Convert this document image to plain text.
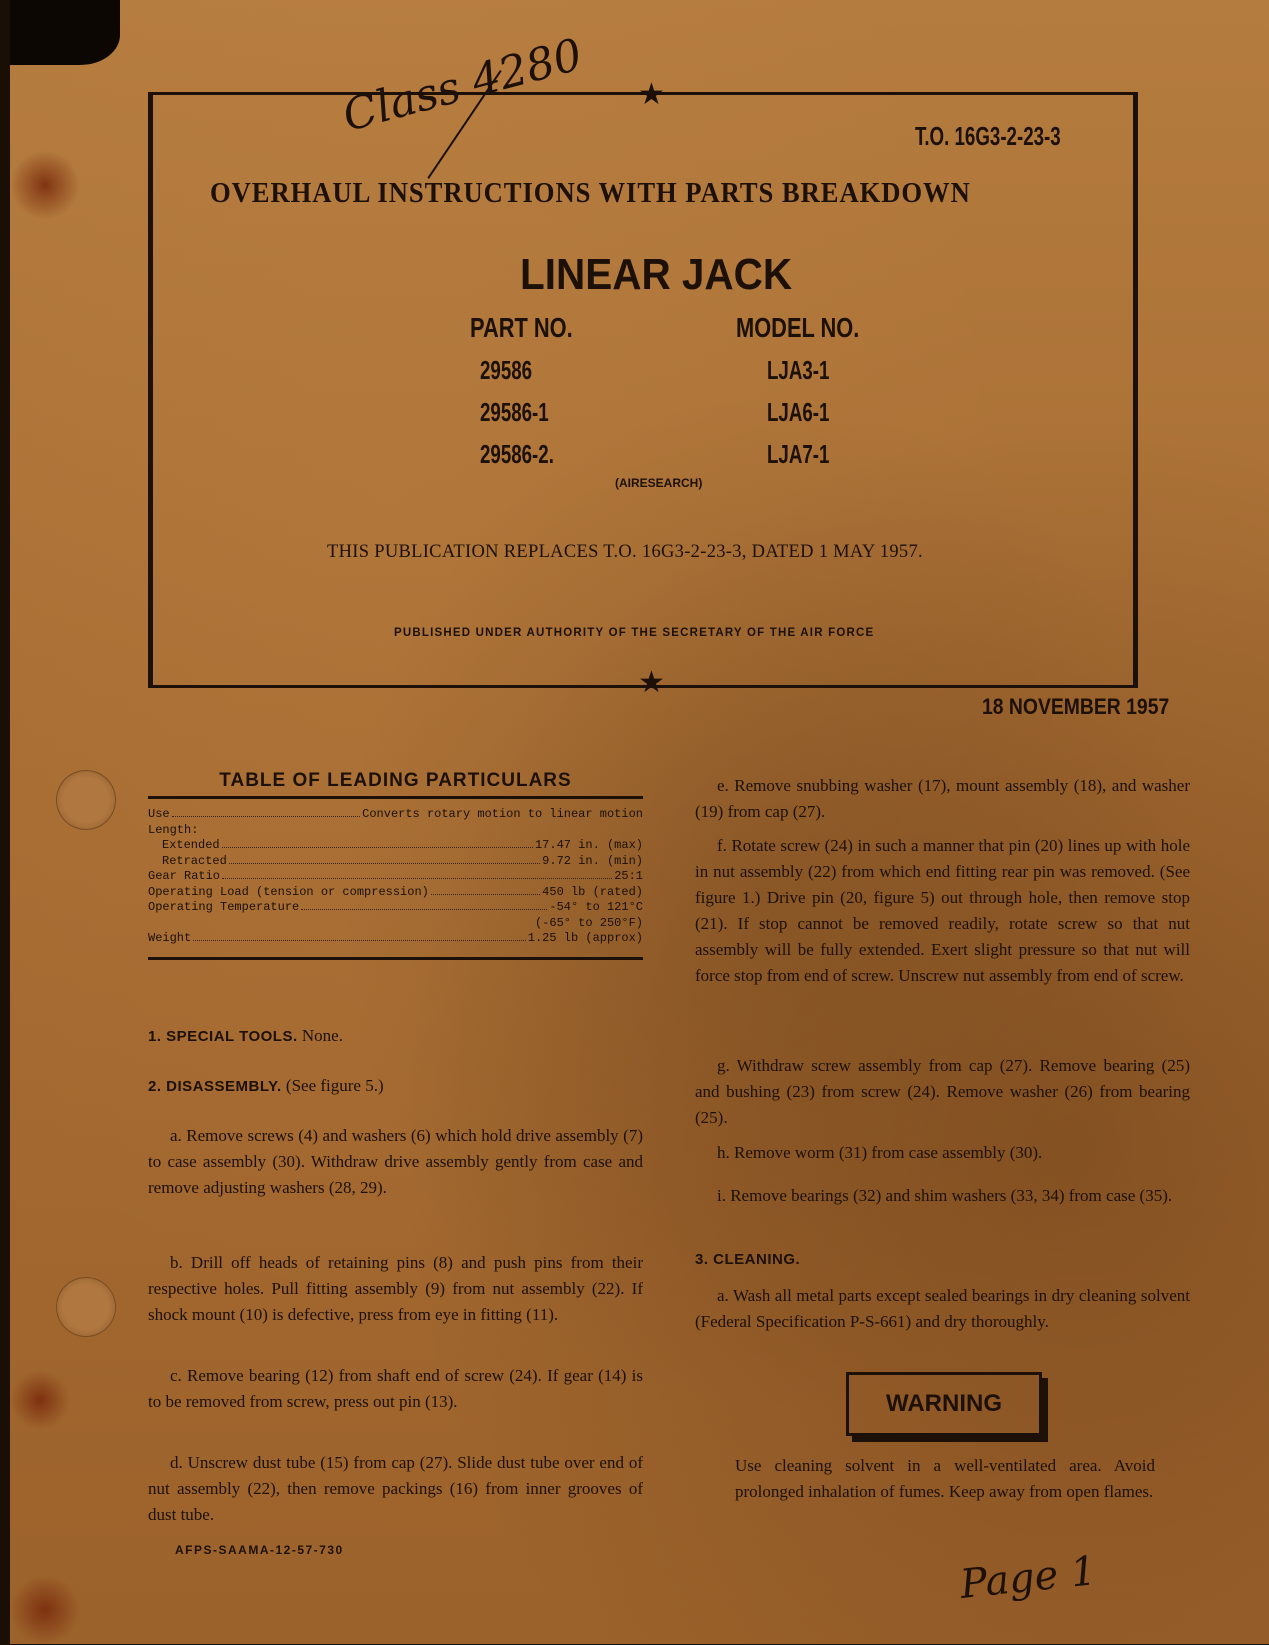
Class 4280 ★
★
T.O. 16G3-2-23-3
OVERHAUL INSTRUCTIONS WITH PARTS BREAKDOWN
LINEAR JACK
PART NO.	MODEL NO.
29586	LJA3-1
29586-1	LJA6-1
29586-2.	LJA7-1
(AIRESEARCH)
THIS PUBLICATION REPLACES T.O. 16G3-2-23-3, DATED 1 MAY 1957.
PUBLISHED UNDER AUTHORITY OF THE SECRETARY OF THE AIR FORCE
18 NOVEMBER 1957
TABLE OF LEADING PARTICULARS
Use	Converts rotary motion to linear motion
Length:
Extended	17.47 in. (max)
Retracted	9.72 in. (min)
Gear Ratio	25:1
Operating Load (tension or compression)	450 lb (rated)
Operating Temperature	-54° to 121°C
(-65° to 250°F)
Weight	1.25 lb (approx)
1. SPECIAL TOOLS. None.
2. DISASSEMBLY. (See figure 5.)
a. Remove screws (4) and washers (6) which hold drive assembly (7) to case assembly (30). Withdraw drive assembly gently from case and remove adjusting washers (28, 29).
b. Drill off heads of retaining pins (8) and push pins from their respective holes. Pull fitting assembly (9) from nut assembly (22). If shock mount (10) is defective, press from eye in fitting (11).
c. Remove bearing (12) from shaft end of screw (24). If gear (14) is to be removed from screw, press out pin (13).
d. Unscrew dust tube (15) from cap (27). Slide dust tube over end of nut assembly (22), then remove packings (16) from inner grooves of dust tube.
AFPS-SAAMA-12-57-730
e. Remove snubbing washer (17), mount assembly (18), and washer (19) from cap (27).
f. Rotate screw (24) in such a manner that pin (20) lines up with hole in nut assembly (22) from which end fitting rear pin was removed. (See figure 1.) Drive pin (20, figure 5) out through hole, then remove stop (21). If stop cannot be removed readily, rotate screw so that nut assembly will be fully extended. Exert slight pressure so that nut will force stop from end of screw. Unscrew nut assembly from end of screw.
g. Withdraw screw assembly from cap (27). Remove bearing (25) and bushing (23) from screw (24). Remove washer (26) from bearing (25).
h. Remove worm (31) from case assembly (30).
i. Remove bearings (32) and shim washers (33, 34) from case (35).
3. CLEANING.
a. Wash all metal parts except sealed bearings in dry cleaning solvent (Federal Specification P-S-661) and dry thoroughly.
WARNING
Use cleaning solvent in a well-ventilated area. Avoid prolonged inhalation of fumes. Keep away from open flames.
Page 1
